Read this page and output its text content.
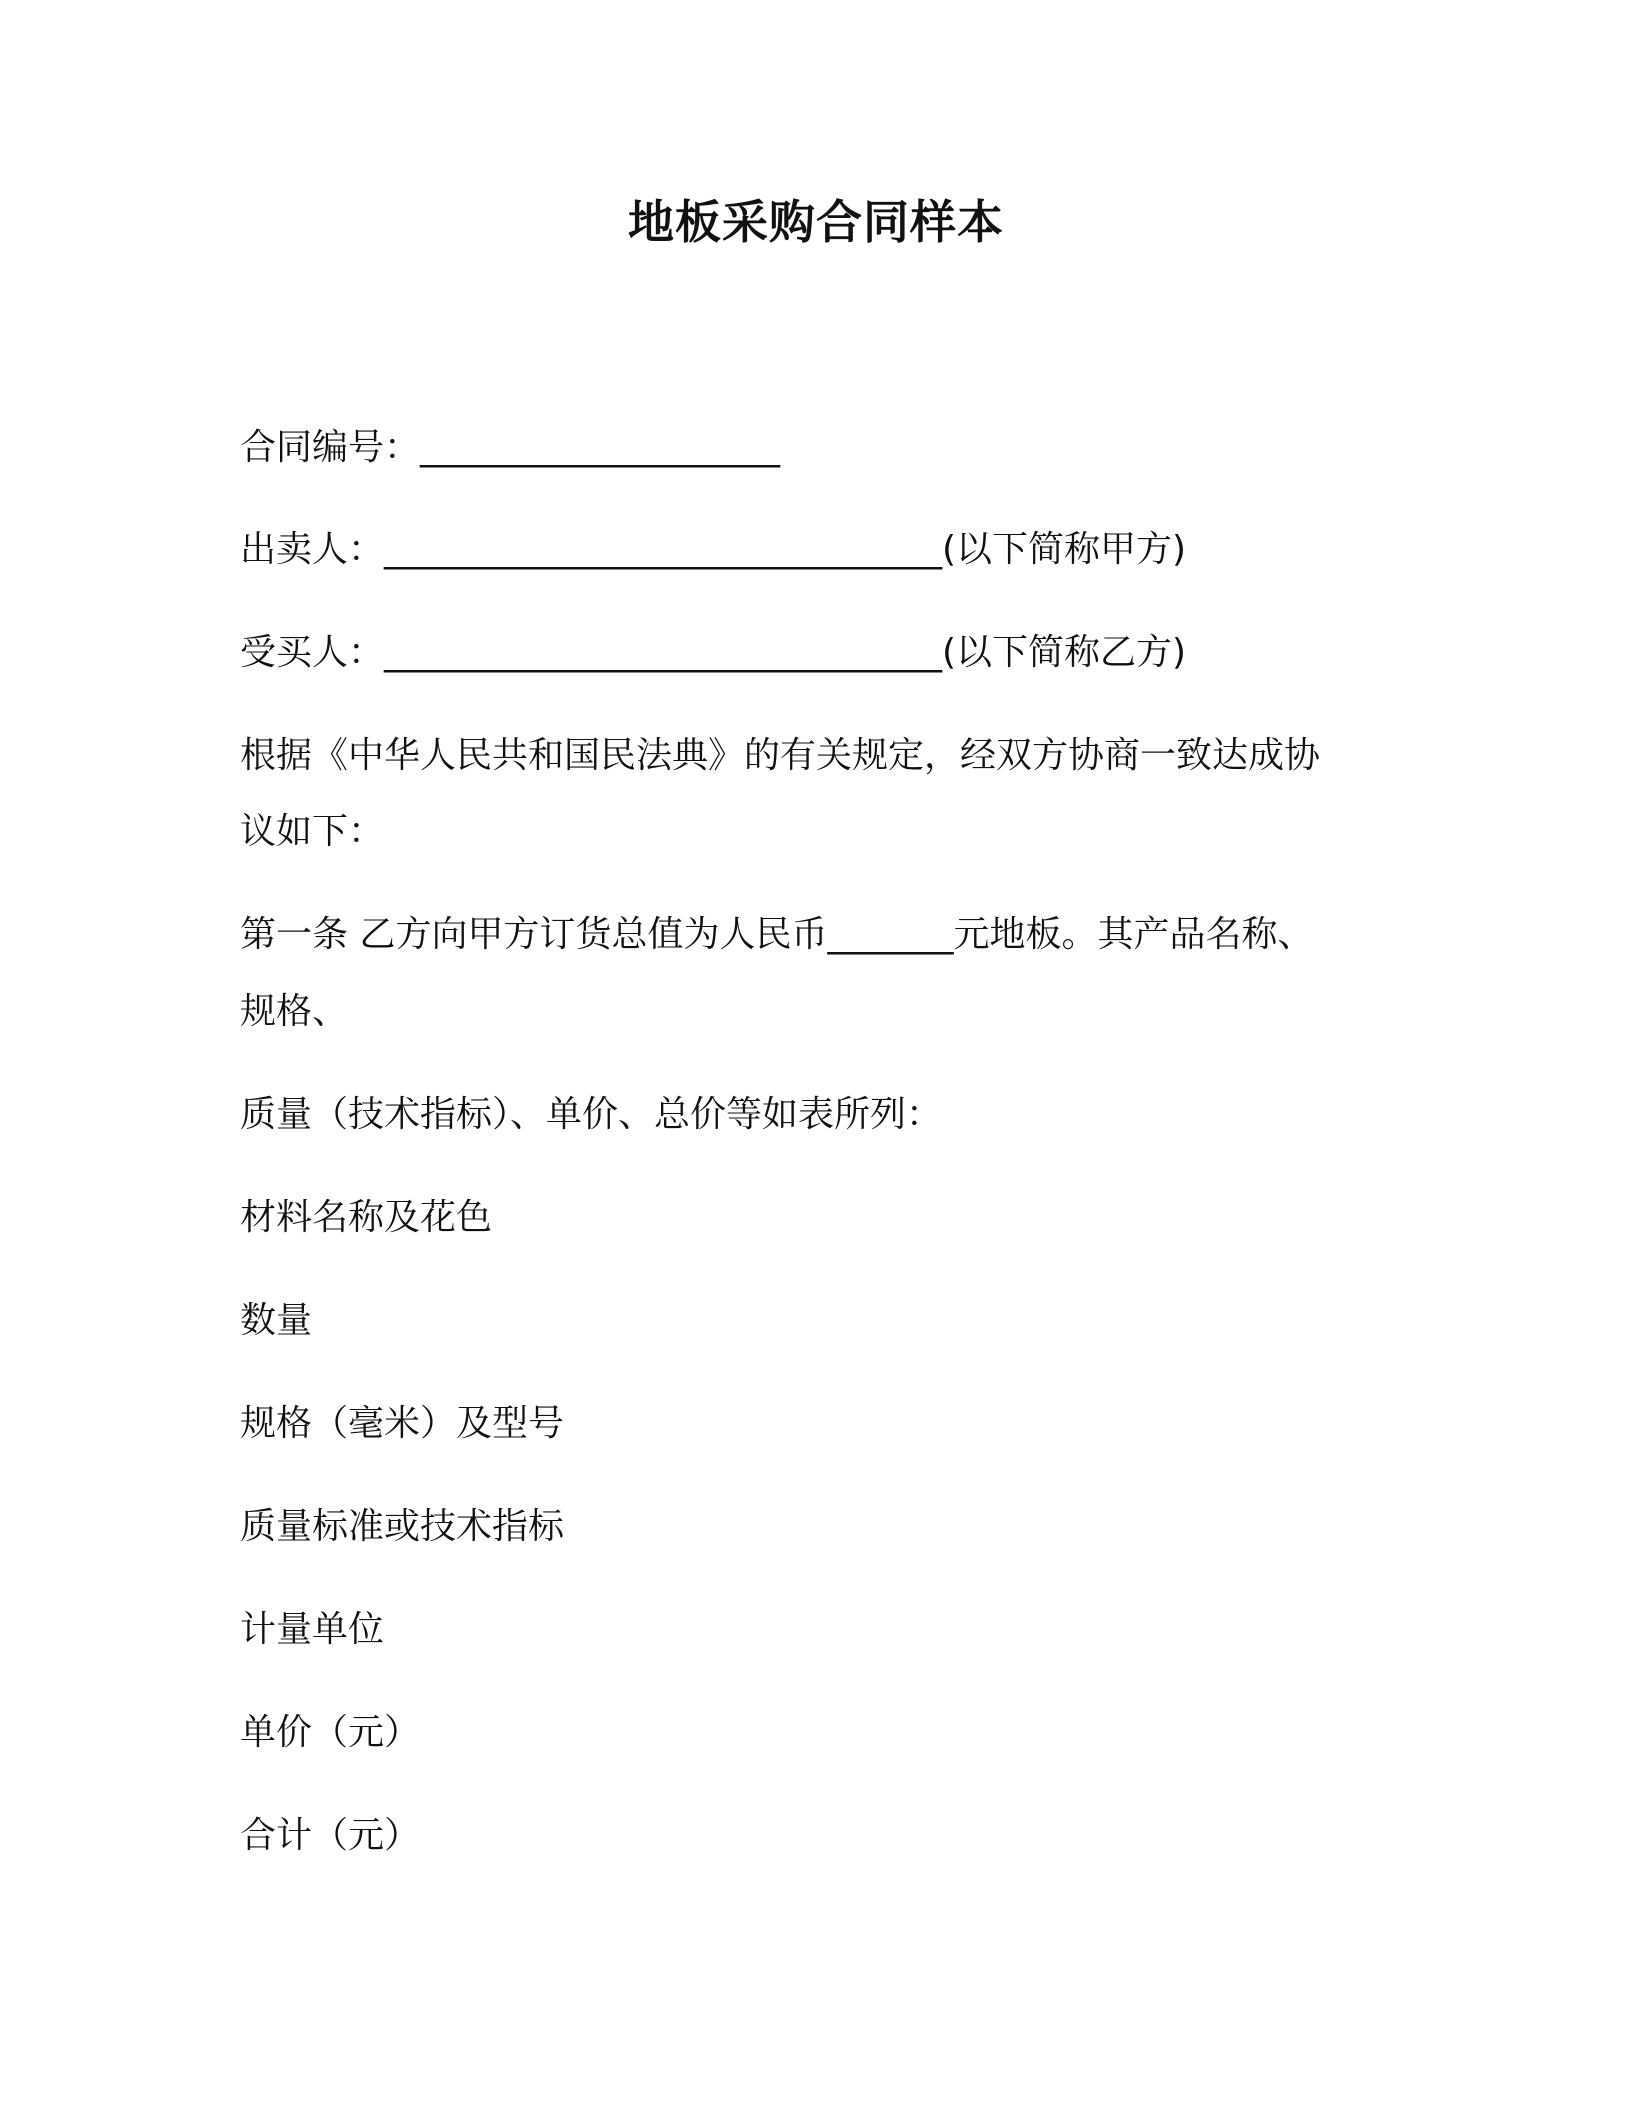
地板采购合同样本
合同编号：____________________
出卖人：_______________________________(以下简称甲方)
受买人：_______________________________(以下简称乙方)
根据《中华人民共和国民法典》的有关规定，经双方协商一致达成协
议如下：
第一条 乙方向甲方订货总值为人民币_______元地板。其产品名称、
规格、
质量（技术指标）、单价、总价等如表所列：
材料名称及花色
数量
规格（毫米）及型号
质量标准或技术指标
计量单位
单价（元）
合计（元）
